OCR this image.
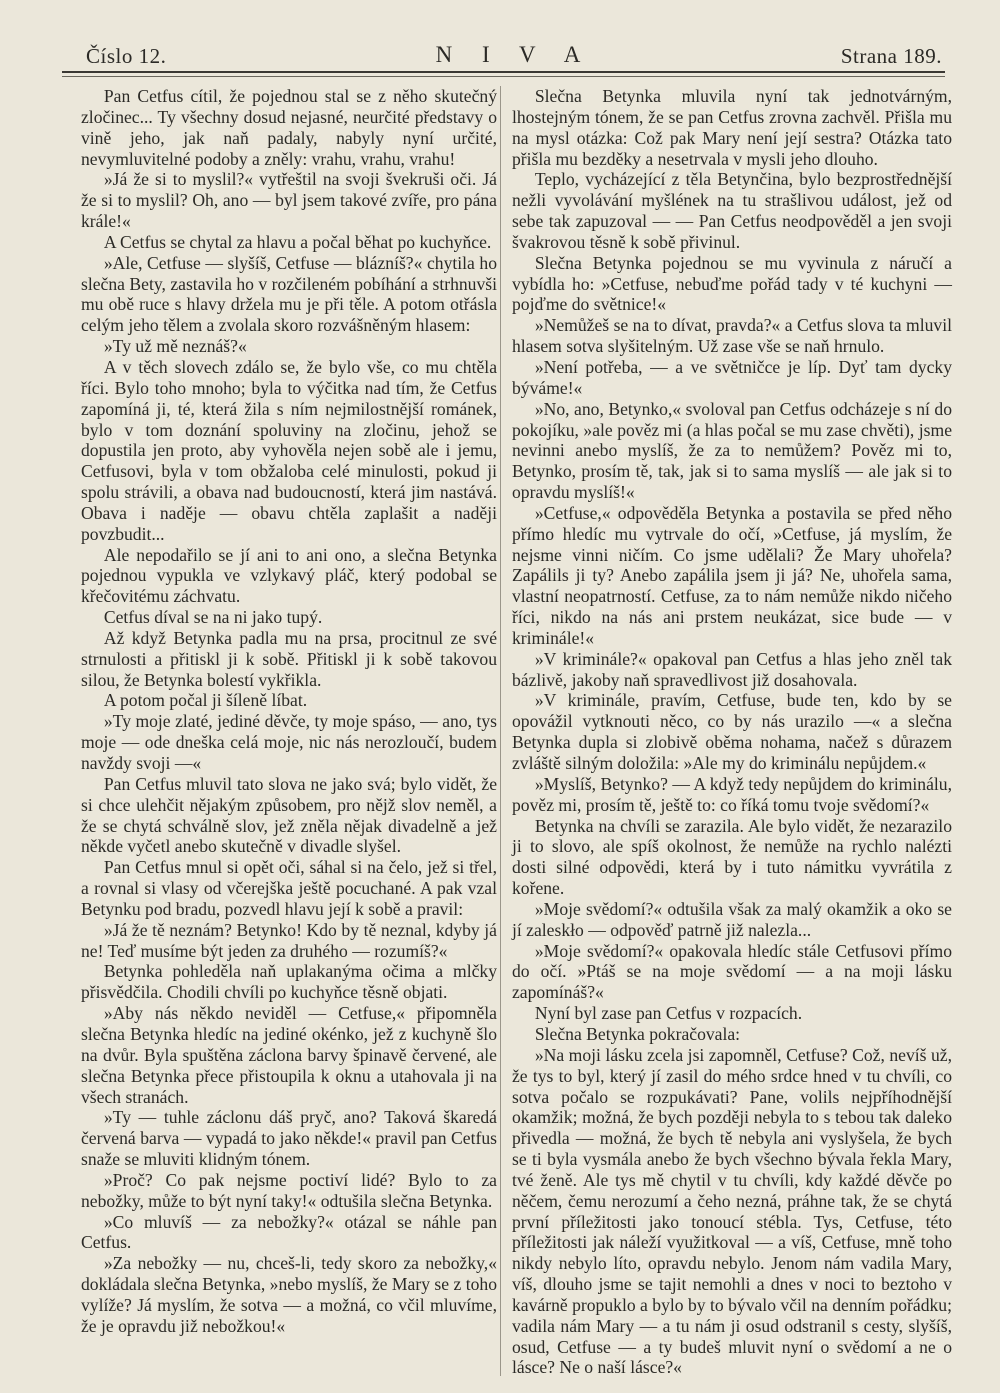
Číslo 12.	N I V A	Strana 189.

Pan Cetfus cítil, že pojednou stal se z něho skutečný zločinec... Ty všechny dosud nejasné, neurčité představy o vině jeho, jak naň padaly, nabyly nyní určité, nevymluvitelné podoby a zněly: vrahu, vrahu, vrahu!

»Já že si to myslil?« vytřeštil na svoji švekruši oči. Já že si to myslil? Oh, ano — byl jsem takové zvíře, pro pána krále!«

A Cetfus se chytal za hlavu a počal běhat po kuchyňce.

»Ale, Cetfuse — slyšíš, Cetfuse — blázníš?« chytila ho slečna Bety, zastavila ho v rozčileném pobíhání a strhnuvši mu obě ruce s hlavy držela mu je při těle. A potom otřásla celým jeho tělem a zvolala skoro rozvášněným hlasem:

»Ty už mě neznáš?«

A v těch slovech zdálo se, že bylo vše, co mu chtěla říci. Bylo toho mnoho; byla to výčitka nad tím, že Cetfus zapomíná ji, té, která žila s ním nejmilostnější románek, bylo v tom doznání spoluviny na zločinu, jehož se dopustila jen proto, aby vyhověla nejen sobě ale i jemu, Cetfusovi, byla v tom obžaloba celé minulosti, pokud ji spolu strávili, a obava nad budoucností, která jim nastává. Obava i naděje — obavu chtěla zaplašit a naději povzbudit...

Ale nepodařilo se jí ani to ani ono, a slečna Betynka pojednou vypukla ve vzlykavý pláč, který podobal se křečovitému záchvatu.

Cetfus díval se na ni jako tupý.

Až když Betynka padla mu na prsa, procitnul ze své strnulosti a přitiskl ji k sobě. Přitiskl ji k sobě takovou silou, že Betynka bolestí vykřikla.

A potom počal ji šíleně líbat.

»Ty moje zlaté, jediné děvče, ty moje spáso, — ano, tys moje — ode dneška celá moje, nic nás nerozloučí, budem navždy svoji —«

Pan Cetfus mluvil tato slova ne jako svá; bylo vidět, že si chce ulehčit nějakým způsobem, pro nějž slov neměl, a že se chytá schválně slov, jež zněla nějak divadelně a jež někde vyčetl anebo skutečně v divadle slyšel.

Pan Cetfus mnul si opět oči, sáhal si na čelo, jež si třel, a rovnal si vlasy od včerejška ještě pocuchané. A pak vzal Betynku pod bradu, pozvedl hlavu její k sobě a pravil:

»Já že tě neznám? Betynko! Kdo by tě neznal, kdyby já ne! Teď musíme být jeden za druhého — rozumíš?«

Betynka pohleděla naň uplakanýma očima a mlčky přisvědčila. Chodili chvíli po kuchyňce těsně objati.

»Aby nás někdo neviděl — Cetfuse,« připomněla slečna Betynka hledíc na jediné okénko, jež z kuchyně šlo na dvůr. Byla spuštěna záclona barvy špinavě červené, ale slečna Betynka přece přistoupila k oknu a utahovala ji na všech stranách.

»Ty — tuhle záclonu dáš pryč, ano? Taková škaredá červená barva — vypadá to jako někde!« pravil pan Cetfus snaže se mluviti klidným tónem.

»Proč? Co pak nejsme poctiví lidé? Bylo to za nebožky, může to být nyní taky!« odtušila slečna Betynka.

»Co mluvíš — za nebožky?« otázal se náhle pan Cetfus.

»Za nebožky — nu, chceš-li, tedy skoro za nebožky,« dokládala slečna Betynka, »nebo myslíš, že Mary se z toho vylíže? Já myslím, že sotva — a možná, co včil mluvíme, že je opravdu již nebožkou!«

Slečna Betynka mluvila nyní tak jednotvárným, lhostejným tónem, že se pan Cetfus zrovna zachvěl. Přišla mu na mysl otázka: Což pak Mary není její sestra? Otázka tato přišla mu bezděky a nesetrvala v mysli jeho dlouho.

Teplo, vycházející z těla Betynčina, bylo bezprostřednější nežli vyvolávání myšlének na tu strašlivou událost, jež od sebe tak zapuzoval — — Pan Cetfus neodpověděl a jen svoji švakrovou těsně k sobě přivinul.

Slečna Betynka pojednou se mu vyvinula z náručí a vybídla ho: »Cetfuse, nebuďme pořád tady v té kuchyni — pojďme do světnice!«

»Nemůžeš se na to dívat, pravda?« a Cetfus slova ta mluvil hlasem sotva slyšitelným. Už zase vše se naň hrnulo.

»Není potřeba, — a ve světničce je líp. Dyť tam dycky býváme!«

»No, ano, Betynko,« svoloval pan Cetfus odcházeje s ní do pokojíku, »ale pověz mi (a hlas počal se mu zase chvěti), jsme nevinni anebo myslíš, že za to nemůžem? Pověz mi to, Betynko, prosím tě, tak, jak si to sama myslíš — ale jak si to opravdu myslíš!«

»Cetfuse,« odpověděla Betynka a postavila se před něho přímo hledíc mu vytrvale do očí, »Cetfuse, já myslím, že nejsme vinni ničím. Co jsme udělali? Že Mary uhořela? Zapálils ji ty? Anebo zapálila jsem ji já? Ne, uhořela sama, vlastní neopatrností. Cetfuse, za to nám nemůže nikdo ničeho říci, nikdo na nás ani prstem neukázat, sice bude — v kriminále!«

»V kriminále?« opakoval pan Cetfus a hlas jeho zněl tak bázlivě, jakoby naň spravedlivost již dosahovala.

»V kriminále, pravím, Cetfuse, bude ten, kdo by se opovážil vytknouti něco, co by nás urazilo —« a slečna Betynka dupla si zlobivě oběma nohama, načež s důrazem zvláště silným doložila: »Ale my do kriminálu nepůjdem.«

»Myslíš, Betynko? — A když tedy nepůjdem do kriminálu, pověz mi, prosím tě, ještě to: co říká tomu tvoje svědomí?«

Betynka na chvíli se zarazila. Ale bylo vidět, že nezarazilo ji to slovo, ale spíš okolnost, že nemůže na rychlo nalézti dosti silné odpovědi, která by i tuto námitku vyvrátila z kořene.

»Moje svědomí?« odtušila však za malý okamžik a oko se jí zaleskło — odpověď patrně již nalezla...

»Moje svědomí?« opakovala hledíc stále Cetfusovi přímo do očí. »Ptáš se na moje svědomí — a na moji lásku zapomínáš?«

Nyní byl zase pan Cetfus v rozpacích.

Slečna Betynka pokračovala:

»Na moji lásku zcela jsi zapomněl, Cetfuse? Což, nevíš už, že tys to byl, který jí zasil do mého srdce hned v tu chvíli, co sotva počalo se rozpukávati? Pane, volils nejpříhodnější okamžik; možná, že bych později nebyla to s tebou tak daleko přivedla — možná, že bych tě nebyla ani vyslyšela, že bych se ti byla vysmála anebo že bych všechno bývala řekla Mary, tvé ženě. Ale tys mě chytil v tu chvíli, kdy každé děvče po něčem, čemu nerozumí a čeho nezná, práhne tak, že se chytá první příležitosti jako tonoucí stébla. Tys, Cetfuse, této příležitosti jak náleží využitkoval — a víš, Cetfuse, mně toho nikdy nebylo líto, opravdu nebylo. Jenom nám vadila Mary, víš, dlouho jsme se tajit nemohli a dnes v noci to beztoho v kavárně propuklo a bylo by to bývalo včil na denním pořádku; vadila nám Mary — a tu nám ji osud odstranil s cesty, slyšíš, osud, Cetfuse — a ty budeš mluvit nyní o svědomí a ne o lásce? Ne o naší lásce?«
